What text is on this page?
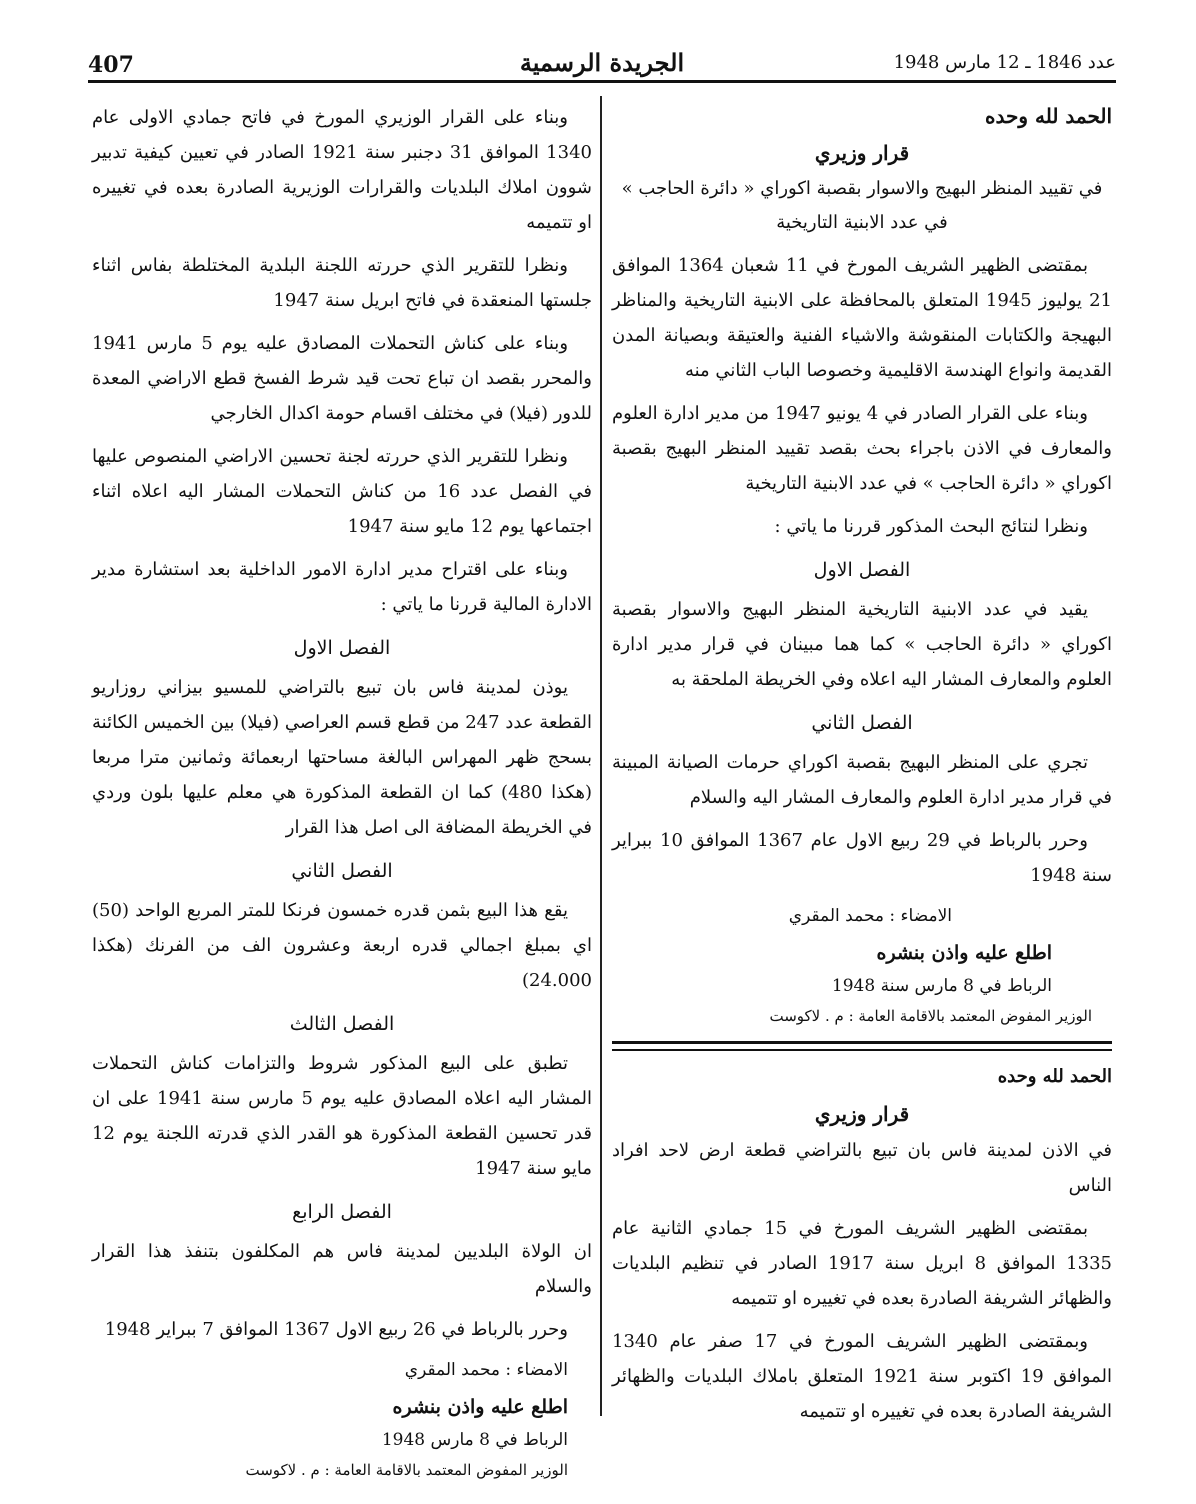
407	الجريدة الرسمية	عدد 1846 ـ 12 مارس 1948

الحمد لله وحده

قرار وزيري

في تقييد المنظر البهيج والاسوار بقصبة اكوراي « دائرة الحاجب » في عدد الابنية التاريخية

بمقتضى الظهير الشريف المورخ في 11 شعبان 1364 الموافق 21 يوليوز 1945 المتعلق بالمحافظة على الابنية التاريخية والمناظر البهيجة والكتابات المنقوشة والاشياء الفنية والعتيقة وبصيانة المدن القديمة وانواع الهندسة الاقليمية وخصوصا الباب الثاني منه

وبناء على القرار الصادر في 4 يونيو 1947 من مدير ادارة العلوم والمعارف في الاذن باجراء بحث بقصد تقييد المنظر البهيج بقصبة اكوراي « دائرة الحاجب » في عدد الابنية التاريخية

ونظرا لنتائج البحث المذكور قررنا ما ياتي :

الفصل الاول

يقيد في عدد الابنية التاريخية المنظر البهيج والاسوار بقصبة اكوراي « دائرة الحاجب » كما هما مبينان في قرار مدير ادارة العلوم والمعارف المشار اليه اعلاه وفي الخريطة الملحقة به

الفصل الثاني

تجري على المنظر البهيج بقصبة اكوراي حرمات الصيانة المبينة في قرار مدير ادارة العلوم والمعارف المشار اليه والسلام

وحرر بالرباط في 29 ربيع الاول عام 1367 الموافق 10 ببراير سنة 1948

الامضاء : محمد المقري

اطلع عليه واذن بنشره

الرباط في 8 مارس سنة 1948

الوزير المفوض المعتمد بالاقامة العامة : م . لاكوست

الحمد لله وحده

قرار وزيري

في الاذن لمدينة فاس بان تبيع بالتراضي قطعة ارض لاحد افراد الناس

بمقتضى الظهير الشريف المورخ في 15 جمادي الثانية عام 1335 الموافق 8 ابريل سنة 1917 الصادر في تنظيم البلديات والظهائر الشريفة الصادرة بعده في تغييره او تتميمه

وبمقتضى الظهير الشريف المورخ في 17 صفر عام 1340 الموافق 19 اكتوبر سنة 1921 المتعلق باملاك البلديات والظهائر الشريفة الصادرة بعده في تغييره او تتميمه

وبناء على القرار الوزيري المورخ في فاتح جمادي الاولى عام 1340 الموافق 31 دجنبر سنة 1921 الصادر في تعيين كيفية تدبير شوون املاك البلديات والقرارات الوزيرية الصادرة بعده في تغييره او تتميمه

ونظرا للتقرير الذي حررته اللجنة البلدية المختلطة بفاس اثناء جلستها المنعقدة في فاتح ابريل سنة 1947

وبناء على كناش التحملات المصادق عليه يوم 5 مارس 1941 والمحرر بقصد ان تباع تحت قيد شرط الفسخ قطع الاراضي المعدة للدور (فيلا) في مختلف اقسام حومة اكدال الخارجي

ونظرا للتقرير الذي حررته لجنة تحسين الاراضي المنصوص عليها في الفصل عدد 16 من كناش التحملات المشار اليه اعلاه اثناء اجتماعها يوم 12 مايو سنة 1947

وبناء على اقتراح مدير ادارة الامور الداخلية بعد استشارة مدير الادارة المالية قررنا ما ياتي :

الفصل الاول

يوذن لمدينة فاس بان تبيع بالتراضي للمسيو بيزاني روزاريو القطعة عدد 247 من قطع قسم العراصي (فيلا) بين الخميس الكائنة بسحج ظهر المهراس البالغة مساحتها اربعمائة وثمانين مترا مربعا (هكذا 480) كما ان القطعة المذكورة هي معلم عليها بلون وردي في الخريطة المضافة الى اصل هذا القرار

الفصل الثاني

يقع هذا البيع بثمن قدره خمسون فرنكا للمتر المربع الواحد (50) اي بمبلغ اجمالي قدره اربعة وعشرون الف من الفرنك (هكذا 24.000)

الفصل الثالث

تطبق على البيع المذكور شروط والتزامات كناش التحملات المشار اليه اعلاه المصادق عليه يوم 5 مارس سنة 1941 على ان قدر تحسين القطعة المذكورة هو القدر الذي قدرته اللجنة يوم 12 مايو سنة 1947

الفصل الرابع

ان الولاة البلديين لمدينة فاس هم المكلفون بتنفذ هذا القرار والسلام

وحرر بالرباط في 26 ربيع الاول 1367 الموافق 7 ببراير 1948

الامضاء : محمد المقري

اطلع عليه واذن بنشره

الرباط في 8 مارس 1948

الوزير المفوض المعتمد بالاقامة العامة : م . لاكوست
